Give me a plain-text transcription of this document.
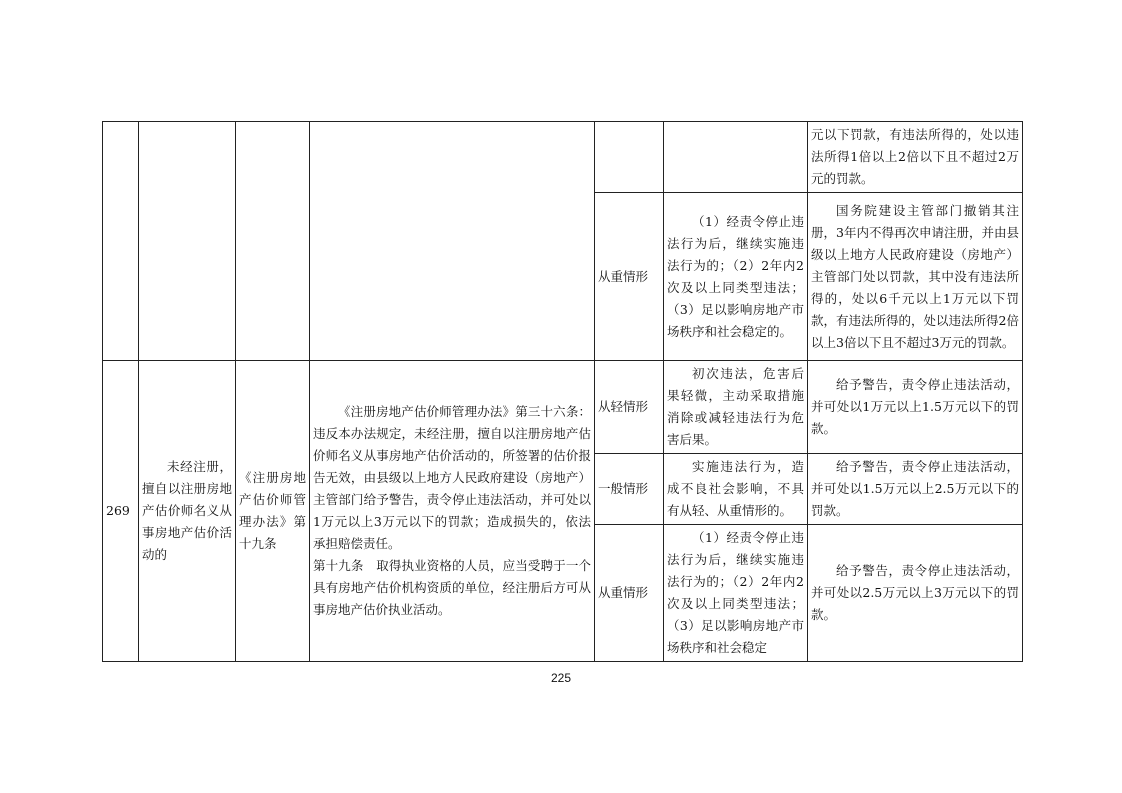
						元以下罚款，有违法所得的，处以违法所得1倍以上2倍以下且不超过2万元的罚款。
				从重情形	（1）经责令停止违法行为后，继续实施违法行为的；（2）2年内2次及以上同类型违法；（3）足以影响房地产市场秩序和社会稳定的。	国务院建设主管部门撤销其注册，3年内不得再次申请注册，并由县级以上地方人民政府建设（房地产）主管部门处以罚款，其中没有违法所得的，处以6千元以上1万元以下罚款，有违法所得的，处以违法所得2倍以上3倍以下且不超过3万元的罚款。

269	未经注册，擅自以注册房地产估价师名义从事房地产估价活动的	《注册房地产估价师管理办法》第十九条	《注册房地产估价师管理办法》第三十六条：违反本办法规定，未经注册，擅自以注册房地产估价师名义从事房地产估价活动的，所签署的估价报告无效，由县级以上地方人民政府建设（房地产）主管部门给予警告，责令停止违法活动，并可处以1万元以上3万元以下的罚款；造成损失的，依法承担赔偿责任。
第十九条　取得执业资格的人员，应当受聘于一个具有房地产估价机构资质的单位，经注册后方可从事房地产估价执业活动。	从轻情形	初次违法，危害后果轻微，主动采取措施消除或减轻违法行为危害后果。	给予警告，责令停止违法活动，并可处以1万元以上1.5万元以下的罚款。

				一般情形	实施违法行为，造成不良社会影响，不具有从轻、从重情形的。	给予警告，责令停止违法活动，并可处以1.5万元以上2.5万元以下的罚款。

				从重情形	（1）经责令停止违法行为后，继续实施违法行为的；（2）2年内2次及以上同类型违法；（3）足以影响房地产市场秩序和社会稳定	给予警告，责令停止违法活动，并可处以2.5万元以上3万元以下的罚款。
225
